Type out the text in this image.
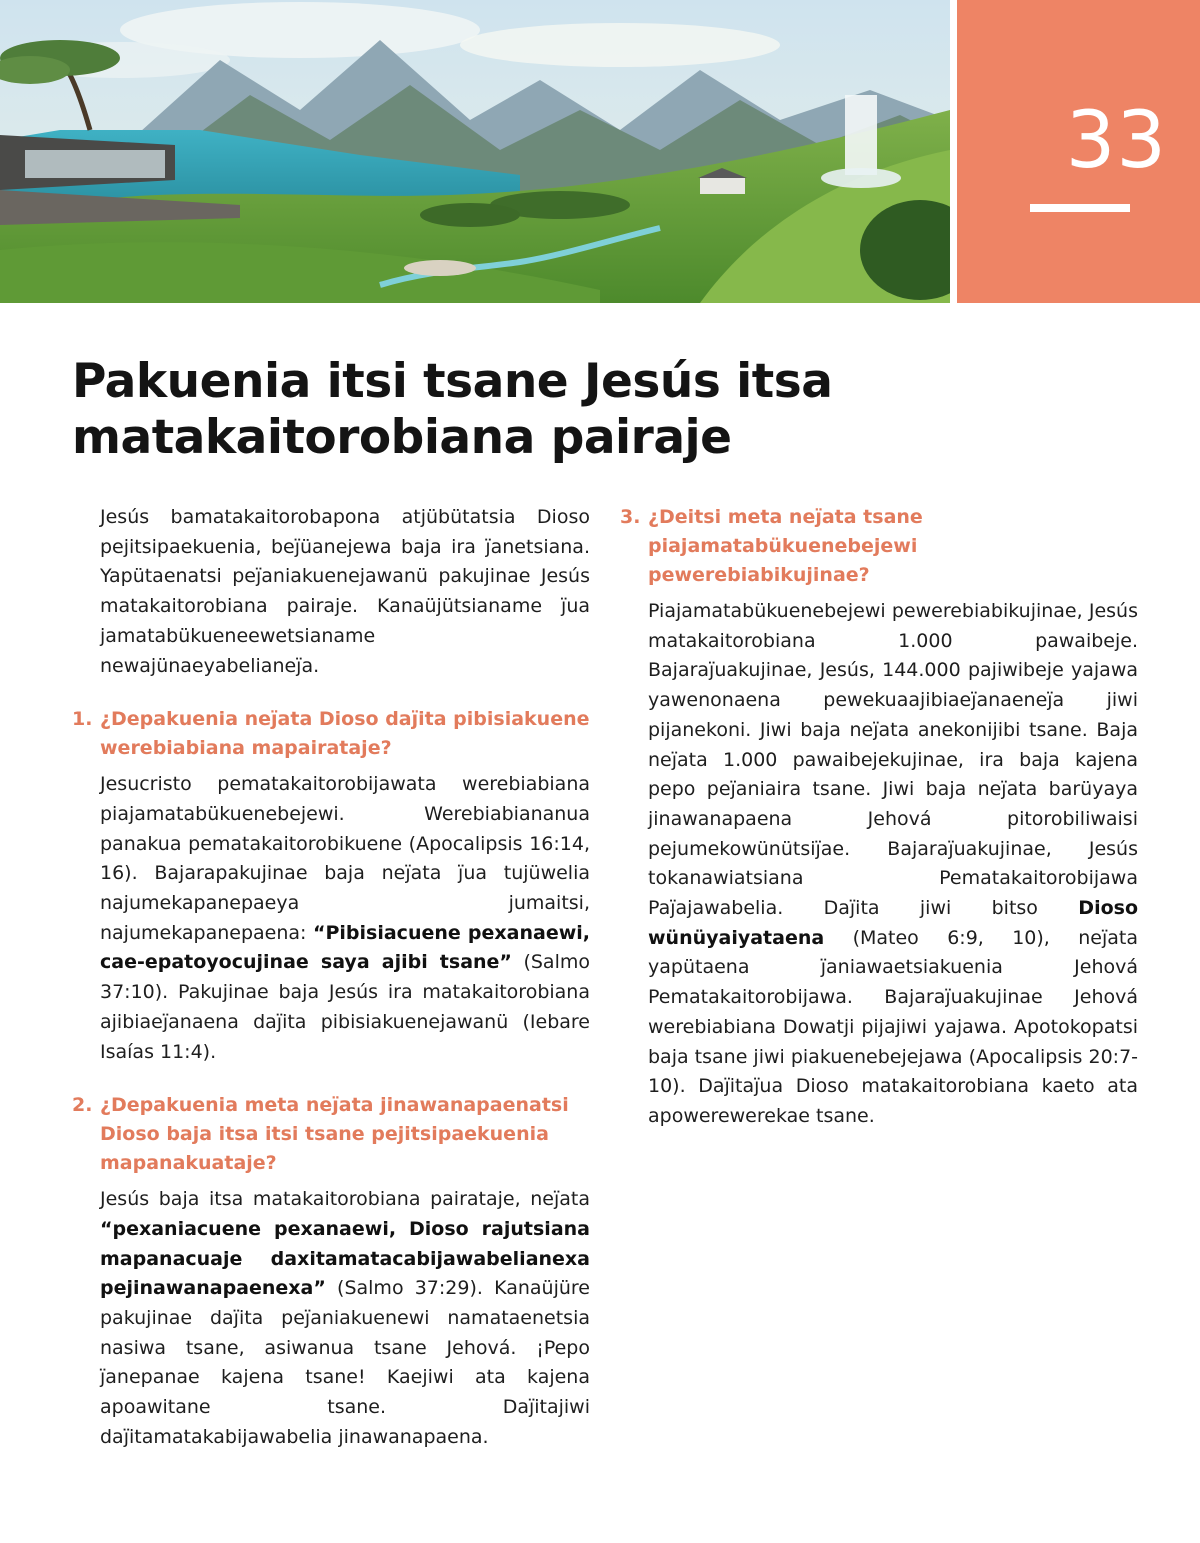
33
Pakuenia itsi tsane Jesús itsa matakaitorobiana pairaje

Jesús bamatakaitorobapona atjübütatsia Dioso pejitsipaekuenia, bej̈üanejewa baja ira j̈anetsiana. Yapütaenatsi pej̈aniakuenejawanü pakujinae Jesús matakaitorobiana pairaje. Kanaüjütsianame j̈ua jamatabükueneewetsianame newajünaeyabelianej̈a.

1. ¿Depakuenia nej̈ata Dioso daj̈ita pibisiakuene werebiabiana mapairataje?

Jesucristo pematakaitorobijawata werebiabiana piajamatabükuenebejewi. Werebiabiananua panakua pematakaitorobikuene (Apocalipsis 16:14, 16). Bajarapakujinae baja nej̈ata j̈ua tujüwelia najumekapanepaeya jumaitsi, najumekapanepaena: “Pibisiacuene pexanaewi, cae-epatoyocujinae saya ajibi tsane” (Salmo 37:10). Pakujinae baja Jesús ira matakaitorobiana ajibiaej̈anaena daj̈ita pibisiakuenejawanü (Iebare Isaías 11:4).

2. ¿Depakuenia meta nej̈ata jinawanapaenatsi Dioso baja itsa itsi tsane pejitsipaekuenia mapanakuataje?

Jesús baja itsa matakaitorobiana pairataje, nej̈ata “pexaniacuene pexanaewi, Dioso rajutsiana mapanacuaje daxitamatacabijawabelianexa pejinawanapaenexa” (Salmo 37:29). Kanaüjüre pakujinae daj̈ita pej̈aniakuenewi namataenetsia nasiwa tsane, asiwanua tsane Jehová. ¡Pepo j̈anepanae kajena tsane! Kaejiwi ata kajena apoawitane tsane. Daj̈itajiwi daj̈itamatakabijawabelia jinawanapaena.

3. ¿Deitsi meta nej̈ata tsane piajamatabükuenebejewi pewerebiabikujinae?

Piajamatabükuenebejewi pewerebiabikujinae, Jesús matakaitorobiana 1.000 pawaibeje. Bajaraj̈uakujinae, Jesús, 144.000 pajiwibeje yajawa yawenonaena pewekuaajibiaej̈anaenej̈a jiwi pijanekoni. Jiwi baja nej̈ata anekonijibi tsane. Baja nej̈ata 1.000 pawaibejekujinae, ira baja kajena pepo pej̈aniaira tsane. Jiwi baja nej̈ata barüyaya jinawanapaena Jehová pitorobiliwaisi pejumekowünütsij̈ae. Bajaraj̈uakujinae, Jesús tokanawiatsiana Pematakaitorobijawa Paj̈ajawabelia. Daj̈ita jiwi bitso Dioso wünüyaiyataena (Mateo 6:9, 10), nej̈ata yapütaena j̈aniawaetsiakuenia Jehová Pematakaitorobijawa. Bajaraj̈uakujinae Jehová werebiabiana Dowatji pijajiwi yajawa. Apotokopatsi baja tsane jiwi piakuenebejejawa (Apocalipsis 20:7-10). Daj̈itaj̈ua Dioso matakaitorobiana kaeto ata apowerewerekae tsane.
